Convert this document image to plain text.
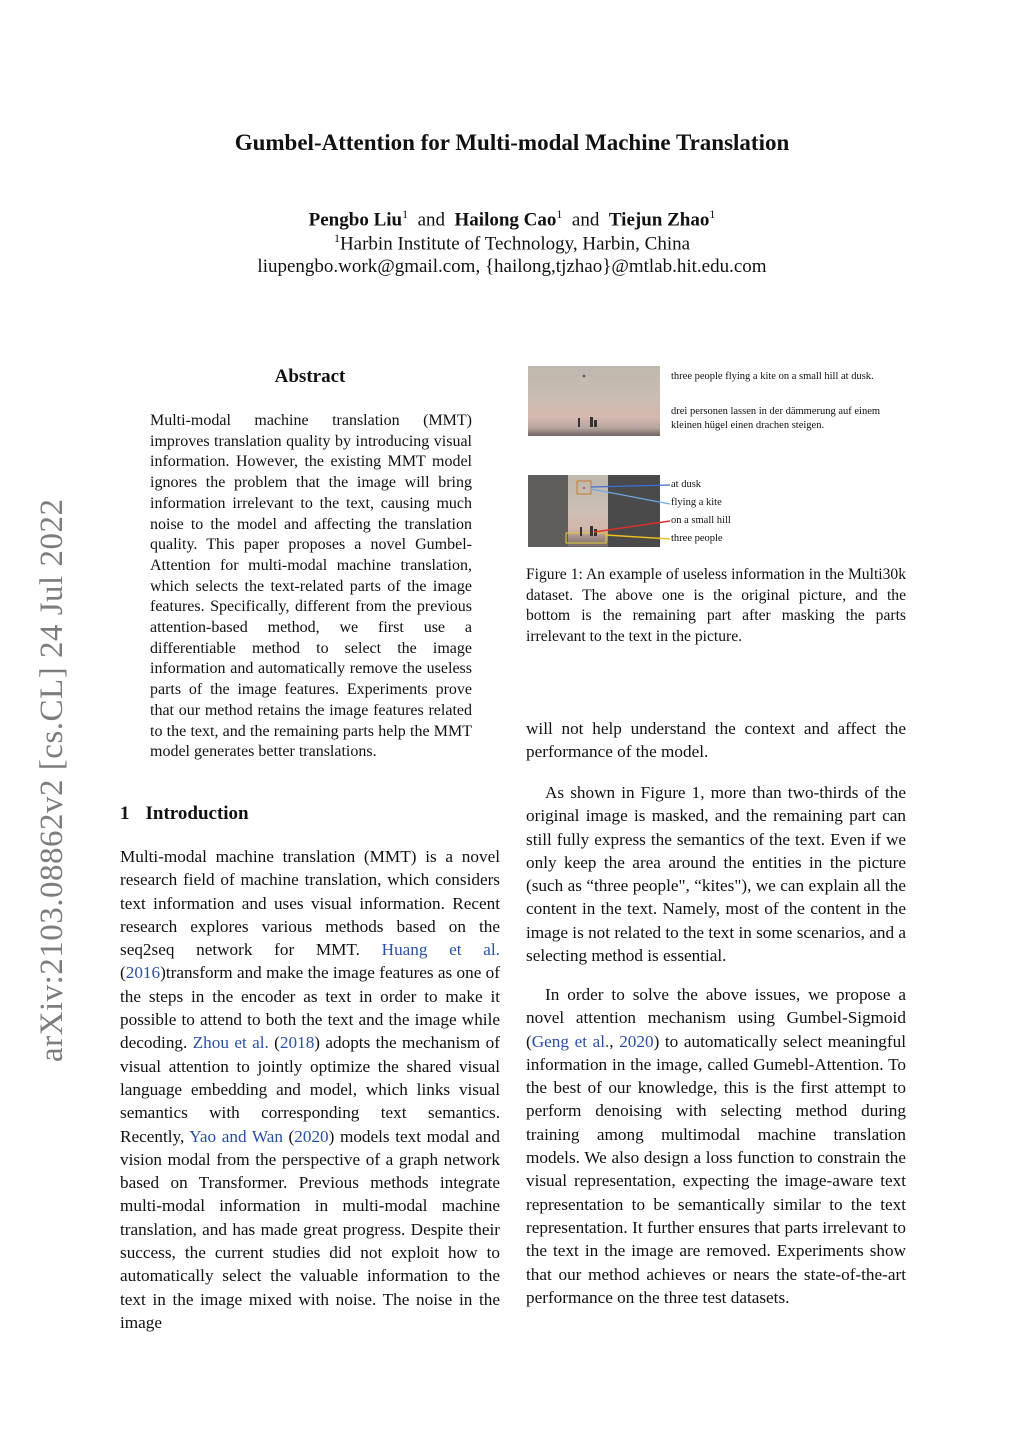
Gumbel-Attention for Multi-modal Machine Translation
Pengbo Liu$^1$ and Hailong Cao$^1$ and Tiejun Zhao$^1$
$^1$Harbin Institute of Technology, Harbin, China
liupengbo.work@gmail.com, {hailong,tjzhao}@mtlab.hit.edu.com
arXiv:2103.08862v2 [cs.CL] 24 Jul 2022
Abstract
Multi-modal machine translation (MMT) improves translation quality by introducing visual information. However, the existing MMT model ignores the problem that the image will bring information irrelevant to the text, causing much noise to the model and affecting the translation quality. This paper proposes a novel Gumbel-Attention for multi-modal machine translation, which selects the text-related parts of the image features. Specifically, different from the previous attention-based method, we first use a differentiable method to select the image information and automatically remove the useless parts of the image features. Experiments prove that our method retains the image features related to the text, and the remaining parts help the MMT model generates better translations.
1 Introduction

Multi-modal machine translation (MMT) is a novel research field of machine translation, which considers text information and uses visual information. Recent research explores various methods based on the seq2seq network for MMT. Huang et al. (2016)transform and make the image features as one of the steps in the encoder as text in order to make it possible to attend to both the text and the image while decoding. Zhou et al. (2018) adopts the mechanism of visual attention to jointly optimize the shared visual language embedding and model, which links visual semantics with corresponding text semantics. Recently, Yao and Wan (2020) models text modal and vision modal from the perspective of a graph network based on Transformer. Previous methods integrate multi-modal information in multi-modal machine translation, and has made great progress. Despite their success, the current studies did not exploit how to automatically select the valuable information to the text in the image mixed with noise. The noise in the image

three people flying a kite on a small hill at dusk.
drei personen lassen in der dämmerung auf einem kleinen hügel einen drachen steigen.
at dusk
flying a kite
on a small hill
three people
Figure 1: An example of useless information in the Multi30k dataset. The above one is the original picture, and the bottom is the remaining part after masking the parts irrelevant to the text in the picture.
will not help understand the context and affect the performance of the model.
As shown in Figure 1, more than two-thirds of the original image is masked, and the remaining part can still fully express the semantics of the text. Even if we only keep the area around the entities in the picture (such as “three people", “kites"), we can explain all the content in the text. Namely, most of the content in the image is not related to the text in some scenarios, and a selecting method is essential.

In order to solve the above issues, we propose a novel attention mechanism using Gumbel-Sigmoid (Geng et al., 2020) to automatically select meaningful information in the image, called Gumebl-Attention. To the best of our knowledge, this is the first attempt to perform denoising with selecting method during training among multimodal machine translation models. We also design a loss function to constrain the visual representation, expecting the image-aware text representation to be semantically similar to the text representation. It further ensures that parts irrelevant to the text in the image are removed. Experiments show that our method achieves or nears the state-of-the-art performance on the three test datasets.
